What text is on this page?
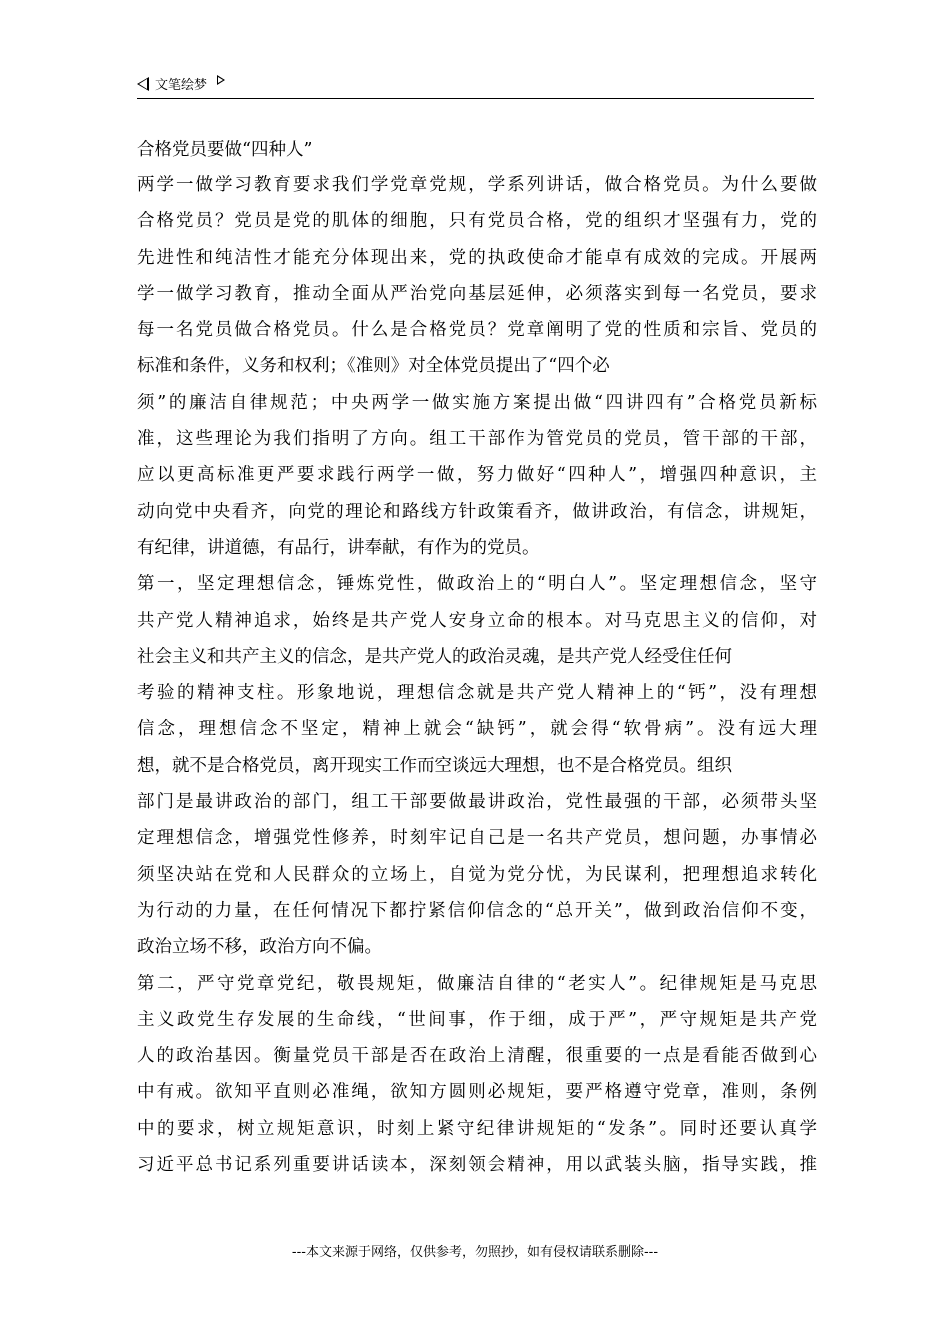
文笔绘梦
合格党员要做“四种人”
两学一做学习教育要求我们学党章党规，学系列讲话，做合格党员。为什么要做
合格党员？党员是党的肌体的细胞，只有党员合格，党的组织才坚强有力，党的
先进性和纯洁性才能充分体现出来，党的执政使命才能卓有成效的完成。开展两
学一做学习教育，推动全面从严治党向基层延伸，必须落实到每一名党员，要求
每一名党员做合格党员。什么是合格党员？党章阐明了党的性质和宗旨、党员的
标准和条件，义务和权利；《准则》对全体党员提出了“四个必
须”的廉洁自律规范；中央两学一做实施方案提出做“四讲四有”合格党员新标
准，这些理论为我们指明了方向。组工干部作为管党员的党员，管干部的干部，
应以更高标准更严要求践行两学一做，努力做好“四种人”，增强四种意识，主
动向党中央看齐，向党的理论和路线方针政策看齐，做讲政治，有信念，讲规矩，
有纪律，讲道德，有品行，讲奉献，有作为的党员。
第一，坚定理想信念，锤炼党性，做政治上的“明白人”。坚定理想信念，坚守
共产党人精神追求，始终是共产党人安身立命的根本。对马克思主义的信仰，对
社会主义和共产主义的信念，是共产党人的政治灵魂，是共产党人经受住任何
考验的精神支柱。形象地说，理想信念就是共产党人精神上的“钙”，没有理想
信念，理想信念不坚定，精神上就会“缺钙”，就会得“软骨病”。没有远大理
想，就不是合格党员，离开现实工作而空谈远大理想，也不是合格党员。组织
部门是最讲政治的部门，组工干部要做最讲政治，党性最强的干部，必须带头坚
定理想信念，增强党性修养，时刻牢记自己是一名共产党员，想问题，办事情必
须坚决站在党和人民群众的立场上，自觉为党分忧，为民谋利，把理想追求转化
为行动的力量，在任何情况下都拧紧信仰信念的“总开关”，做到政治信仰不变，
政治立场不移，政治方向不偏。
第二，严守党章党纪，敬畏规矩，做廉洁自律的“老实人”。纪律规矩是马克思
主义政党生存发展的生命线，“世间事，作于细，成于严”，严守规矩是共产党
人的政治基因。衡量党员干部是否在政治上清醒，很重要的一点是看能否做到心
中有戒。欲知平直则必准绳，欲知方圆则必规矩，要严格遵守党章，准则，条例
中的要求，树立规矩意识，时刻上紧守纪律讲规矩的“发条”。同时还要认真学
习近平总书记系列重要讲话读本，深刻领会精神，用以武装头脑，指导实践，推
---本文来源于网络，仅供参考，勿照抄，如有侵权请联系删除---
